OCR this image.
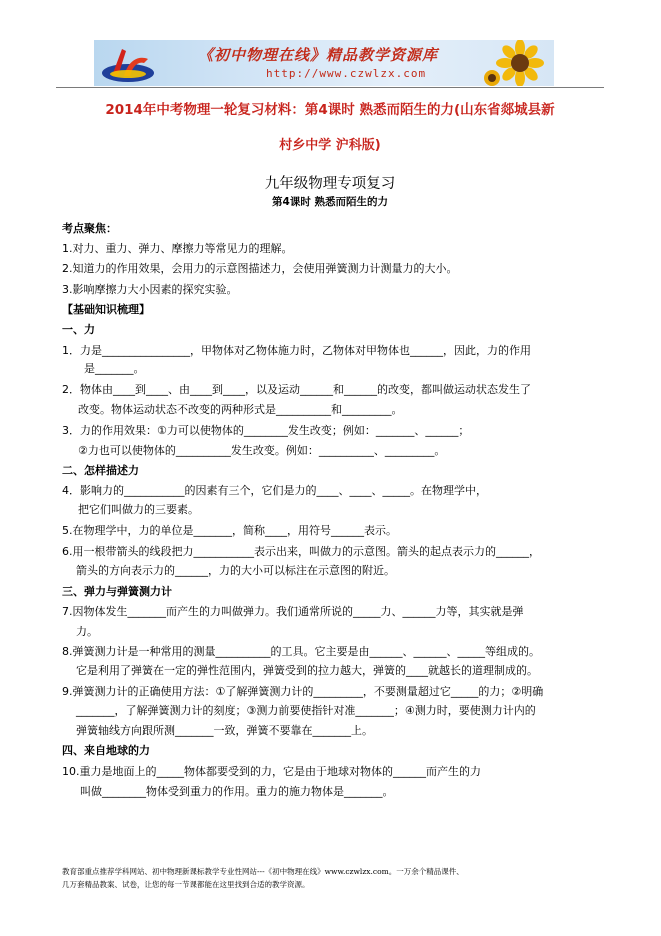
《初中物理在线》精品教学资源库
http://www.czwlzx.com
2014年中考物理一轮复习材料：第4课时 熟悉而陌生的力(山东省郯城县新
村乡中学 沪科版)
九年级物理专项复习
第4课时 熟悉而陌生的力
考点聚焦：
1.对力、重力、弹力、摩擦力等常见力的理解。
2.知道力的作用效果，会用力的示意图描述力，会使用弹簧测力计测量力的大小。
3.影响摩擦力大小因素的探究实验。
【基础知识梳理】
一、力
1．力是________________，甲物体对乙物体施力时，乙物体对甲物体也______，因此，力的作用
是_______。
2．物体由____到____、由____到____，以及运动______和______的改变，都叫做运动状态发生了
改变。物体运动状态不改变的两种形式是__________和_________。
3．力的作用效果：①力可以使物体的________发生改变；例如：_______、______；
②力也可以使物体的__________发生改变。例如：__________、_________。
二、怎样描述力
4．影响力的___________的因素有三个，它们是力的____、____、_____。在物理学中，
把它们叫做力的三要素。
5.在物理学中，力的单位是_______，简称____，用符号______表示。
6.用一根带箭头的线段把力___________表示出来，叫做力的示意图。箭头的起点表示力的______，
箭头的方向表示力的______，力的大小可以标注在示意图的附近。
三、弹力与弹簧测力计
7.因物体发生_______而产生的力叫做弹力。我们通常所说的_____力、______力等，其实就是弹
力。
8.弹簧测力计是一种常用的测量__________的工具。它主要是由______、______、_____等组成的。
它是利用了弹簧在一定的弹性范围内，弹簧受到的拉力越大，弹簧的____就越长的道理制成的。
9.弹簧测力计的正确使用方法：①了解弹簧测力计的_________，不要测量超过它_____的力；②明确
_______，了解弹簧测力计的刻度；③测力前要使指针对准_______；④测力时，要使测力计内的
弹簧轴线方向跟所测_______一致，弹簧不要靠在_______上。
四、来自地球的力
10.重力是地面上的_____物体都要受到的力，它是由于地球对物体的______而产生的力
叫做________物体受到重力的作用。重力的施力物体是_______。
教育部重点推荐学科网站、初中物理新课标教学专业性网站---《初中物理在线》www.czwlzx.com。一万余个精品课件、
几万套精品教案、试卷，让您的每一节课都能在这里找到合适的教学资源。
